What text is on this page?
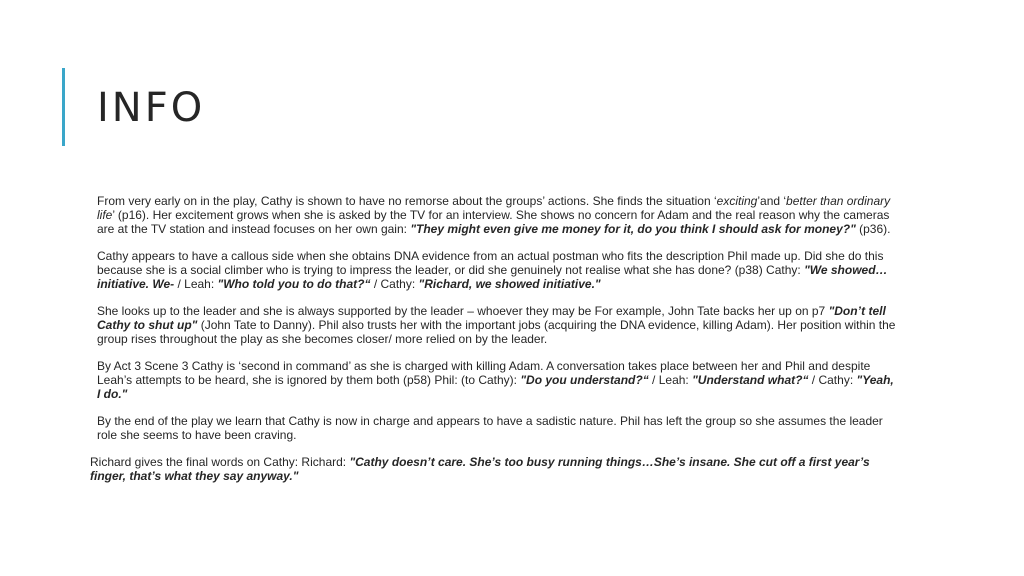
INFO

From very early on in the play, Cathy is shown to have no remorse about the groups’ actions. She finds the situation ‘exciting’and ‘better than ordinary life’ (p16). Her excitement grows when she is asked by the TV for an interview. She shows no concern for Adam and the real reason why the cameras are at the TV station and instead focuses on her own gain: "They might even give me money for it, do you think I should ask for money?" (p36).

Cathy appears to have a callous side when she obtains DNA evidence from an actual postman who fits the description Phil made up. Did she do this because she is a social climber who is trying to impress the leader, or did she genuinely not realise what she has done? (p38) Cathy: "We showed…initiative. We- / Leah: "Who told you to do that?“ / Cathy: "Richard, we showed initiative."

She looks up to the leader and she is always supported by the leader – whoever they may be For example, John Tate backs her up on p7 "Don’t tell Cathy to shut up" (John Tate to Danny). Phil also trusts her with the important jobs (acquiring the DNA evidence, killing Adam). Her position within the group rises throughout the play as she becomes closer/ more relied on by the leader.

By Act 3 Scene 3 Cathy is ‘second in command’ as she is charged with killing Adam. A conversation takes place between her and Phil and despite Leah’s attempts to be heard, she is ignored by them both (p58) Phil: (to Cathy): "Do you understand?“ / Leah: "Understand what?“ / Cathy: "Yeah, I do."

By the end of the play we learn that Cathy is now in charge and appears to have a sadistic nature. Phil has left the group so she assumes the leader role she seems to have been craving.

Richard gives the final words on Cathy: Richard: "Cathy doesn’t care. She’s too busy running things…She’s insane. She cut off a first year’s finger, that’s what they say anyway."
